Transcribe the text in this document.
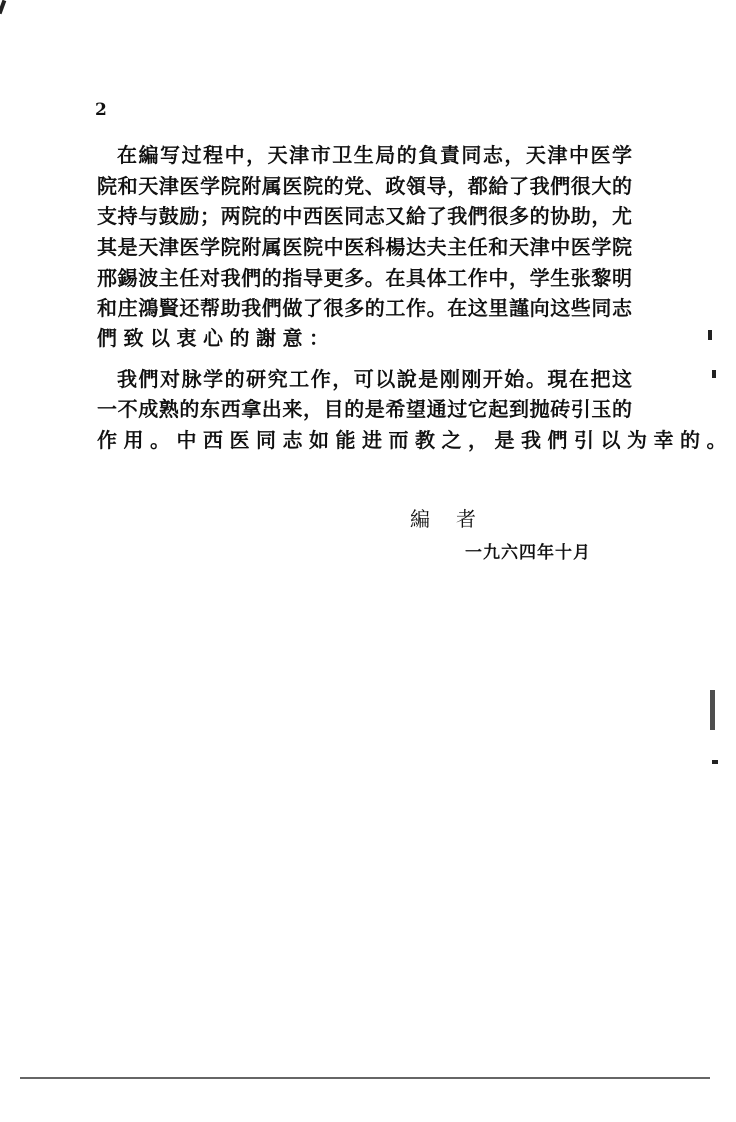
2
在編写过程中，天津市卫生局的負責同志，天津中医学
院和天津医学院附属医院的党、政領导，都給了我們很大的
支持与鼓励；两院的中西医同志又給了我們很多的协助，尤
其是天津医学院附属医院中医科楊达夫主任和天津中医学院
邢錫波主任对我們的指导更多。在具体工作中，学生张黎明
和庄鴻賢还帮助我們做了很多的工作。在这里謹向这些同志
們致以衷心的謝意：
我們对脉学的研究工作，可以說是刚刚开始。現在把这
一不成熟的东西拿出来，目的是希望通过它起到抛砖引玉的
作用。中西医同志如能进而教之，是我們引以为幸的。
編者
一九六四年十月
